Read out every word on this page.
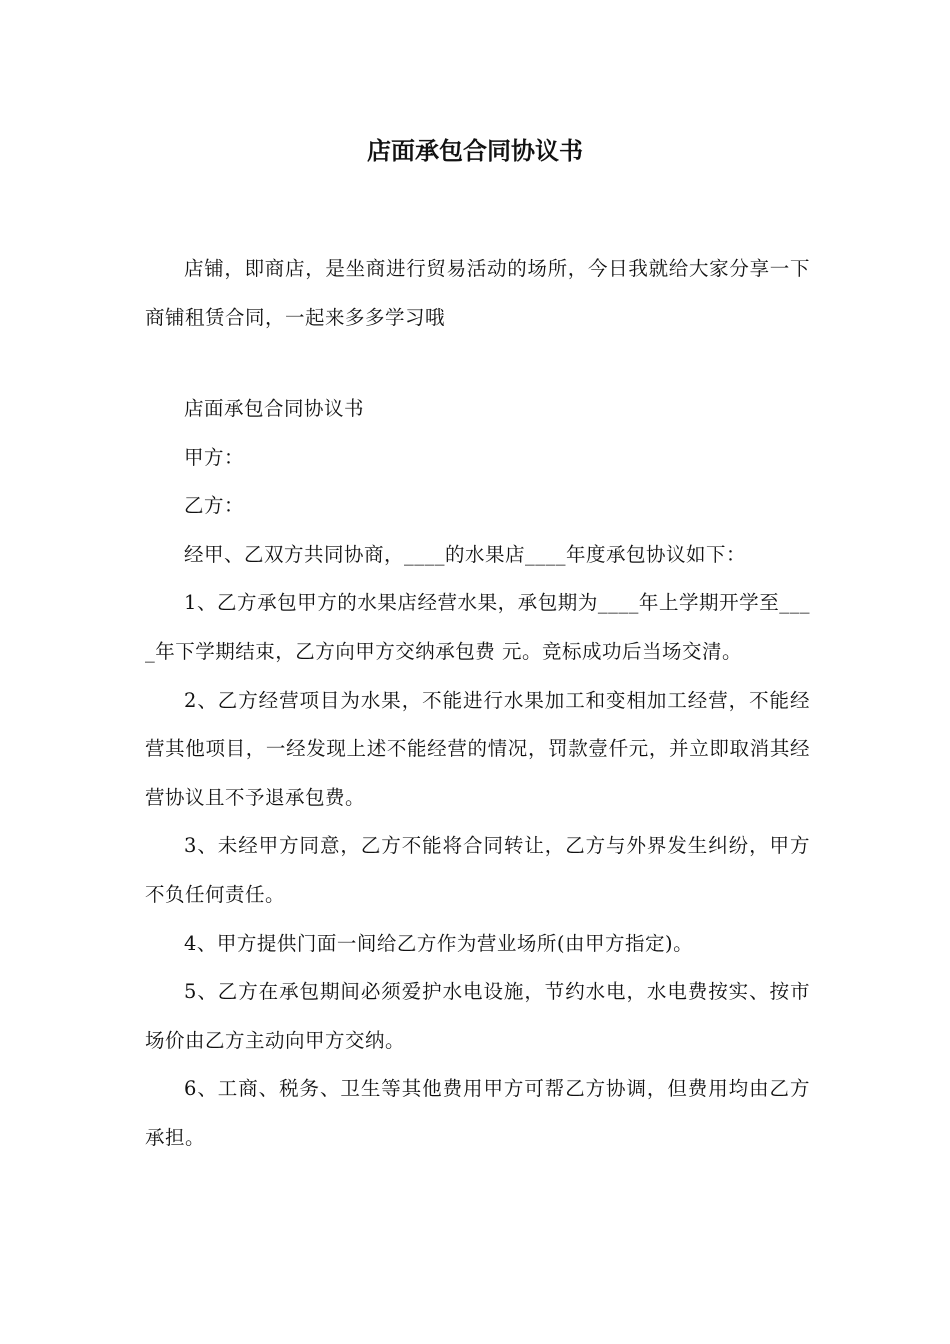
店面承包合同协议书

店铺，即商店，是坐商进行贸易活动的场所，今日我就给大家分享一下商铺租赁合同，一起来多多学习哦

店面承包合同协议书

甲方：

乙方：

经甲、乙双方共同协商，____的水果店____年度承包协议如下：

1、乙方承包甲方的水果店经营水果，承包期为____年上学期开学至____年下学期结束，乙方向甲方交纳承包费 元。竞标成功后当场交清。

2、乙方经营项目为水果，不能进行水果加工和变相加工经营，不能经营其他项目，一经发现上述不能经营的情况，罚款壹仟元，并立即取消其经营协议且不予退承包费。

3、未经甲方同意，乙方不能将合同转让，乙方与外界发生纠纷，甲方不负任何责任。

4、甲方提供门面一间给乙方作为营业场所(由甲方指定)。

5、乙方在承包期间必须爱护水电设施，节约水电，水电费按实、按市场价由乙方主动向甲方交纳。

6、工商、税务、卫生等其他费用甲方可帮乙方协调，但费用均由乙方承担。
